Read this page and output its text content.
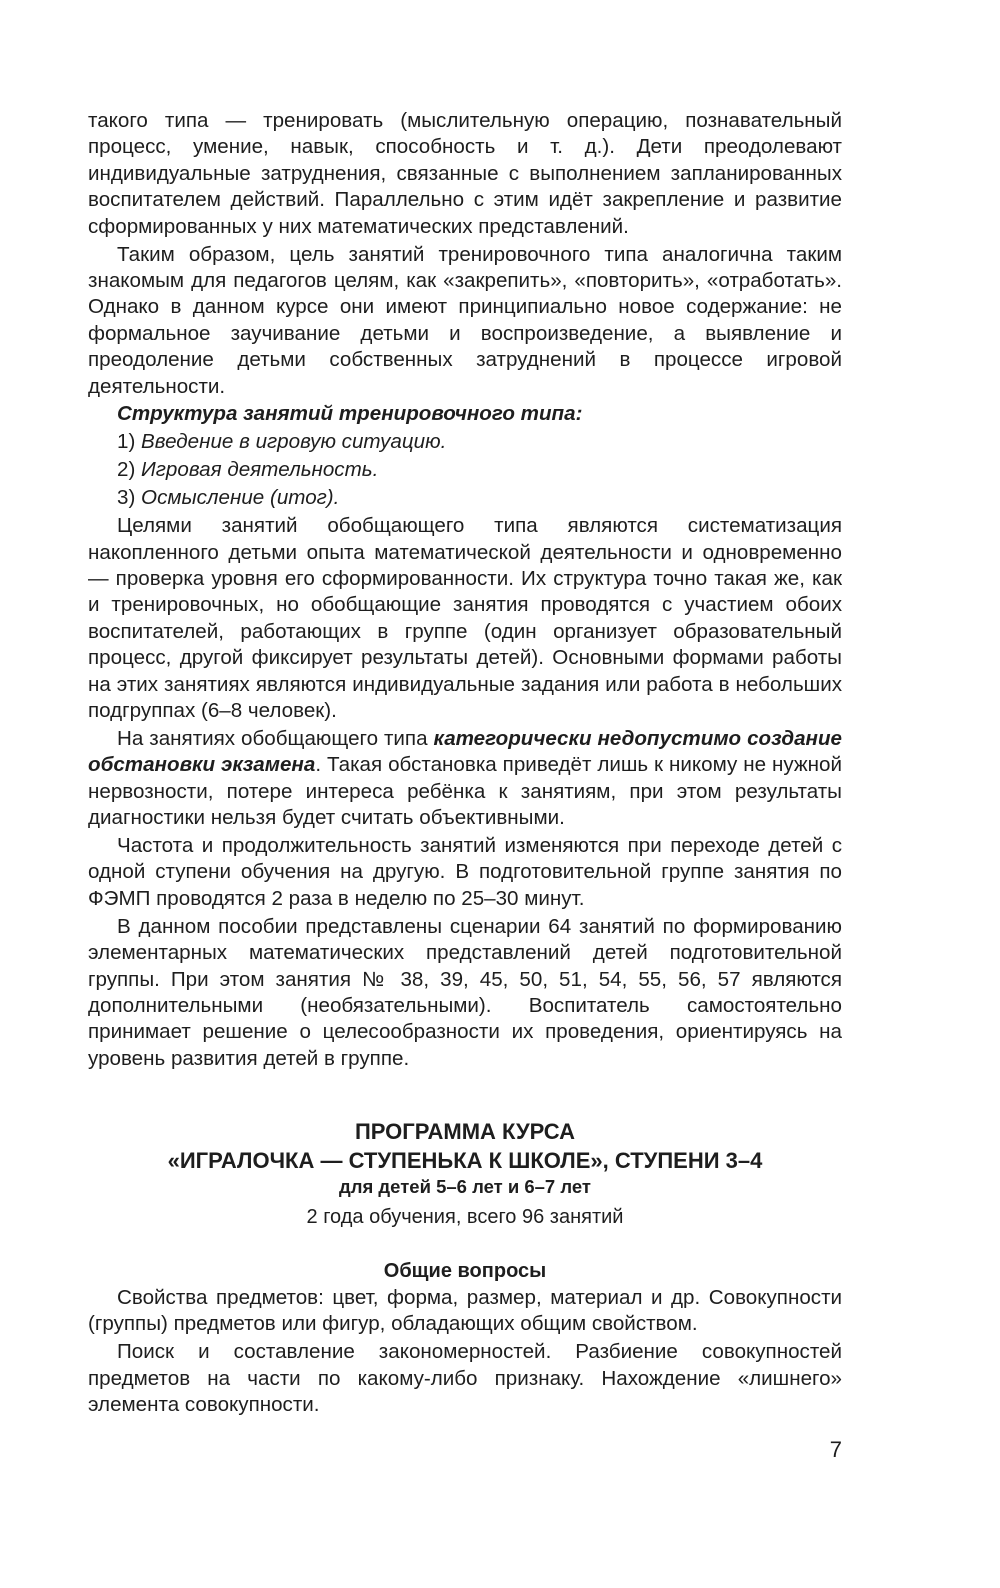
такого типа — тренировать (мыслительную операцию, познавательный процесс, умение, навык, способность и т. д.). Дети преодолевают индивидуальные затруднения, связанные с выполнением запланированных воспитателем действий. Параллельно с этим идёт закрепление и развитие сформированных у них математических представлений.

Таким образом, цель занятий тренировочного типа аналогична таким знакомым для педагогов целям, как «закрепить», «повторить», «отработать». Однако в данном курсе они имеют принципиально новое содержание: не формальное заучивание детьми и воспроизведение, а выявление и преодоление детьми собственных затруднений в процессе игровой деятельности.

Структура занятий тренировочного типа:

1) Введение в игровую ситуацию.
2) Игровая деятельность.
3) Осмысление (итог).

Целями занятий обобщающего типа являются систематизация накопленного детьми опыта математической деятельности и одновременно — проверка уровня его сформированности. Их структура точно такая же, как и тренировочных, но обобщающие занятия проводятся с участием обоих воспитателей, работающих в группе (один организует образовательный процесс, другой фиксирует результаты детей). Основными формами работы на этих занятиях являются индивидуальные задания или работа в небольших подгруппах (6–8 человек).

На занятиях обобщающего типа категорически недопустимо создание обстановки экзамена. Такая обстановка приведёт лишь к никому не нужной нервозности, потере интереса ребёнка к занятиям, при этом результаты диагностики нельзя будет считать объективными.

Частота и продолжительность занятий изменяются при переходе детей с одной ступени обучения на другую. В подготовительной группе занятия по ФЭМП проводятся 2 раза в неделю по 25–30 минут.

В данном пособии представлены сценарии 64 занятий по формированию элементарных математических представлений детей подготовительной группы. При этом занятия № 38, 39, 45, 50, 51, 54, 55, 56, 57 являются дополнительными (необязательными). Воспитатель самостоятельно принимает решение о целесообразности их проведения, ориентируясь на уровень развития детей в группе.

ПРОГРАММА КУРСА
«ИГРАЛОЧКА — СТУПЕНЬКА К ШКОЛЕ», СТУПЕНИ 3–4
для детей 5–6 лет и 6–7 лет
2 года обучения, всего 96 занятий
Общие вопросы

Свойства предметов: цвет, форма, размер, материал и др. Совокупности (группы) предметов или фигур, обладающих общим свойством.

Поиск и составление закономерностей. Разбиение совокупностей предметов на части по какому-либо признаку. Нахождение «лишнего» элемента совокупности.

7
